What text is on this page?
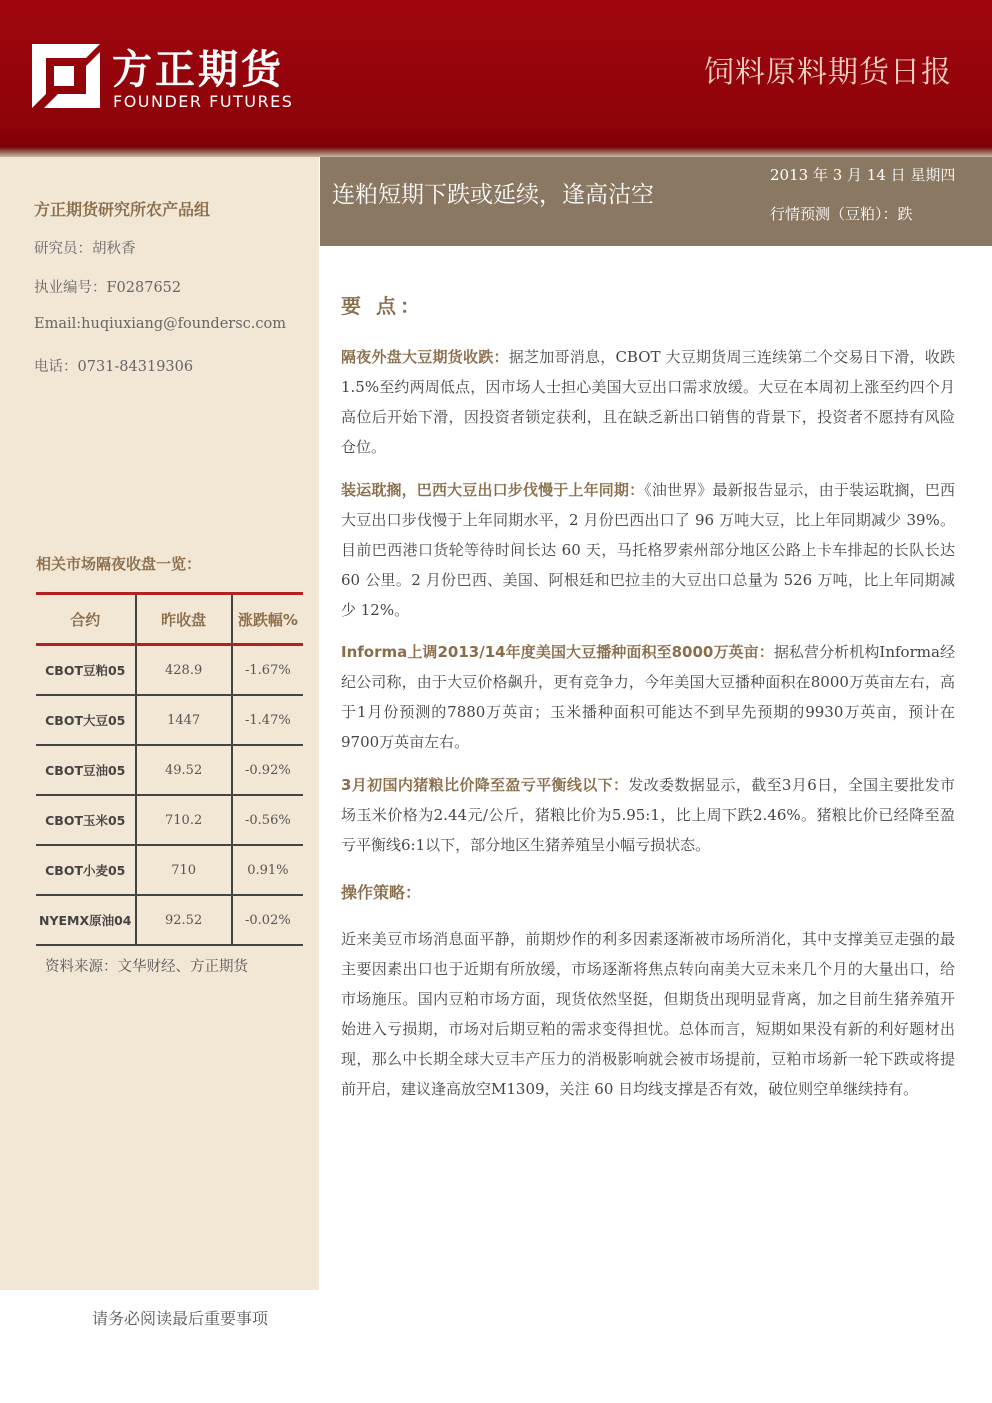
方正期货
FOUNDER FUTURES
饲料原料期货日报
连粕短期下跌或延续，逢高沽空
2013 年 3 月 14 日 星期四
行情预测（豆粕）：跌
方正期货研究所农产品组
研究员：胡秋香
执业编号：F0287652
Email:huqiuxiang@foundersc.com
电话：0731-84319306
相关市场隔夜收盘一览：
合约	昨收盘	涨跌幅%
CBOT豆粕05	428.9	-1.67%
CBOT大豆05	1447	-1.47%
CBOT豆油05	49.52	-0.92%
CBOT玉米05	710.2	-0.56%
CBOT小麦05	710	0.91%
NYEMX原油04	92.52	-0.02%
资料来源：文华财经、方正期货
要 点：

隔夜外盘大豆期货收跌：据芝加哥消息，CBOT 大豆期货周三连续第二个交易日下滑，收跌 1.5%至约两周低点，因市场人士担心美国大豆出口需求放缓。大豆在本周初上涨至约四个月高位后开始下滑，因投资者锁定获利，且在缺乏新出口销售的背景下，投资者不愿持有风险仓位。

装运耽搁，巴西大豆出口步伐慢于上年同期：《油世界》最新报告显示，由于装运耽搁，巴西大豆出口步伐慢于上年同期水平，2 月份巴西出口了 96 万吨大豆，比上年同期减少 39%。目前巴西港口货轮等待时间长达 60 天，马托格罗索州部分地区公路上卡车排起的长队长达 60 公里。2 月份巴西、美国、阿根廷和巴拉圭的大豆出口总量为 526 万吨，比上年同期减少 12%。

Informa上调2013/14年度美国大豆播种面积至8000万英亩：据私营分析机构Informa经纪公司称，由于大豆价格飙升，更有竞争力，今年美国大豆播种面积在8000万英亩左右，高于1月份预测的7880万英亩；玉米播种面积可能达不到早先预期的9930万英亩，预计在9700万英亩左右。

3月初国内猪粮比价降至盈亏平衡线以下：发改委数据显示，截至3月6日，全国主要批发市场玉米价格为2.44元/公斤，猪粮比价为5.95:1，比上周下跌2.46%。猪粮比价已经降至盈亏平衡线6:1以下，部分地区生猪养殖呈小幅亏损状态。

操作策略：

近来美豆市场消息面平静，前期炒作的利多因素逐渐被市场所消化，其中支撑美豆走强的最主要因素出口也于近期有所放缓，市场逐渐将焦点转向南美大豆未来几个月的大量出口，给市场施压。国内豆粕市场方面，现货依然坚挺，但期货出现明显背离，加之目前生猪养殖开始进入亏损期，市场对后期豆粕的需求变得担忧。总体而言，短期如果没有新的利好题材出现，那么中长期全球大豆丰产压力的消极影响就会被市场提前，豆粕市场新一轮下跌或将提前开启，建议逢高放空M1309，关注 60 日均线支撑是否有效，破位则空单继续持有。

请务必阅读最后重要事项
